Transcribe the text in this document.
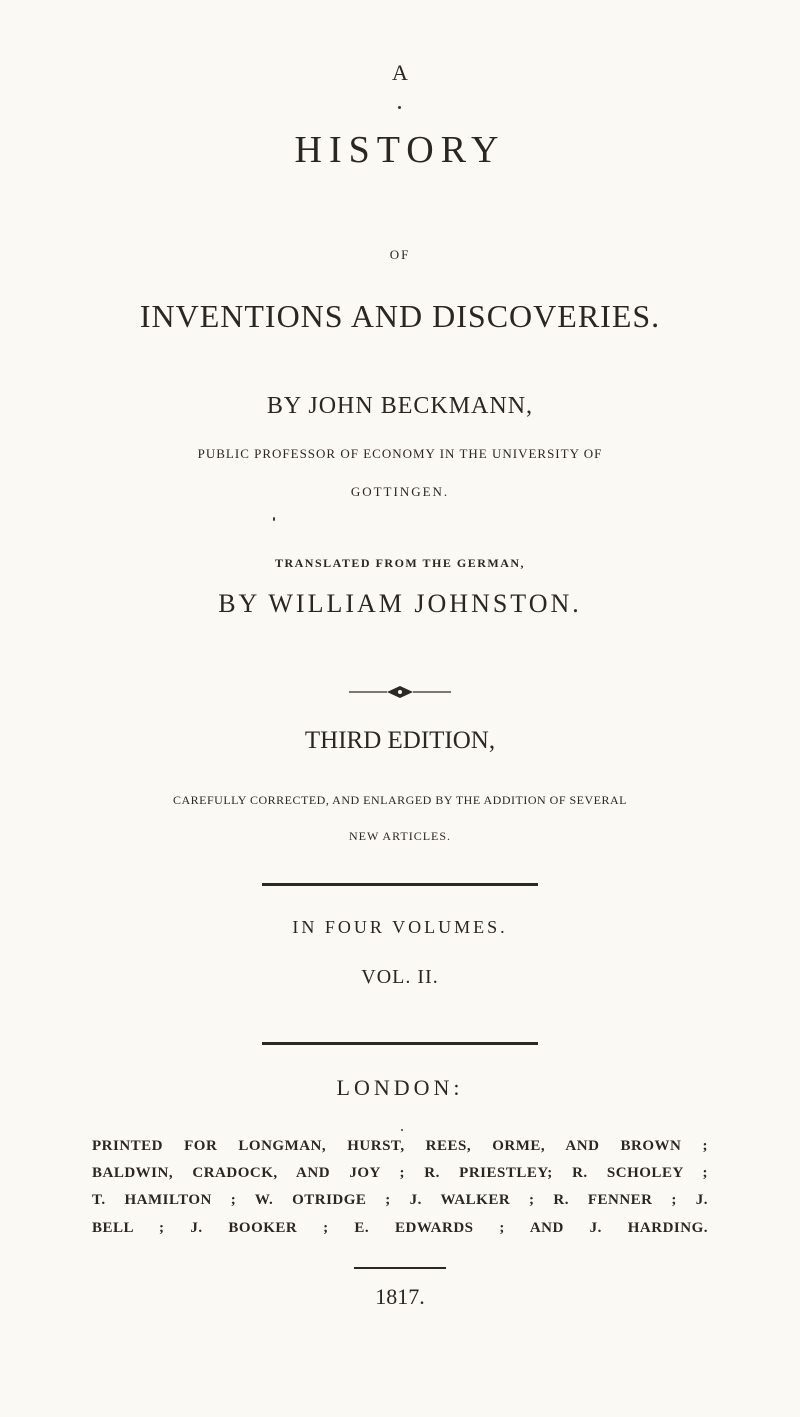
A
HISTORY
OF
INVENTIONS AND DISCOVERIES.
BY JOHN BECKMANN,
PUBLIC PROFESSOR OF ECONOMY IN THE UNIVERSITY OF
GOTTINGEN.
TRANSLATED FROM THE GERMAN,
BY WILLIAM JOHNSTON.
THIRD EDITION,
CAREFULLY CORRECTED, AND ENLARGED BY THE ADDITION OF SEVERAL
NEW ARTICLES.
IN FOUR VOLUMES.
VOL. II.
LONDON:
PRINTED FOR LONGMAN, HURST, REES, ORME, AND BROWN ;
BALDWIN, CRADOCK, AND JOY ; R. PRIESTLEY; R. SCHOLEY ;
T. HAMILTON ; W. OTRIDGE ; J. WALKER ; R. FENNER ; J.
BELL ; J. BOOKER ; E. EDWARDS ; AND J. HARDING.
1817.
